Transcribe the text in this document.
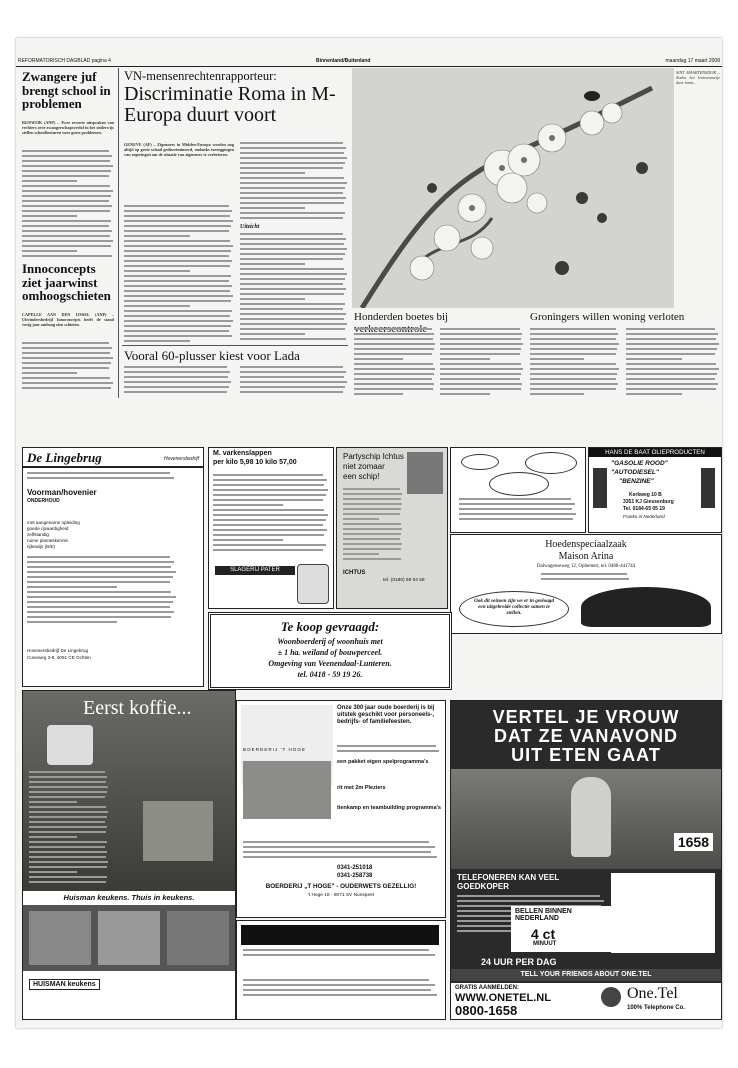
REFORMATORISCH DAGBLAD pagina 4	Binnenland/Buitenland	maandag 17 maart 2008
Zwangere juf brengt school in problemen
RIJSWIJK (ANP) – Twee recente uitspraken van rechters over zwangerschapsverlof in het onderwijs stellen schoolbesturen voor grote problemen.
Innoconcepts ziet jaarwinst omhoogschieten
CAPELLE AAN DEN IJSSEL (ANP) – Uitvindersbedrijf Innoconcepts heeft de stand vorig jaar omhoog zien schieten.
VN-mensenrechtenrapporteur:
Discriminatie Roma in M-Europa duurt voort
GENEVE (AP) – Zigeuners in Midden-Europa worden nog altijd op grote schaal gediscrimineerd, ondanks toezeggingen van regeringen om de situatie van zigeuners te verbeteren.
Uitzicht
Vooral 60-plusser kiest voor Lada
SINT MAARTENSDIJK – Zodra het lentezonnetje door komt...
Honderden boetes bij	Groningers willen woning verloten
De Lingebrug	Hovenersbedrijf
Voorman/hovenier
ONDERHOUD
met aangename opleiding
goede rijvaardigheid
zelfstandig
ruime planteskennis
rijbewijs (B/E)
Hovenersbedrijf De Lingebrug
Cuneweg 3-8, 4051 CE Ochten
M. varkenslappen
per kilo 5,98 10 kilo 57,00
SLAGERIJ PATER
Partyschip Ichtus
niet zomaar
een schip!
ICHTUS
tel. (0180) 59 04 59
HANS DE BAAT OLIEPRODUCTEN
"GASOLIE ROOD"
"AUTODIESEL"
"BENZINE"
Kerkweg 10 B
3351 KJ Giessenburg
Tel. 0184-65 05 19
Franko in Nederland
Hoedenspeciaalzaak
Maison Arina
Dalwagenseweg 12, Ophemert, tel. 0488-441744
Ook dit seizoen zijn we er in gesloagd een uitgebreide collectie samen te stellen.
Te koop gevraagd:
Woonboerderij of woonhuis met
± 1 ha. weiland of bouwperceel.
Omgeving van Veenendaal-Lunteren.
tel. 0418 - 59 19 26.
Eerst koffie...
Huisman keukens. Thuis in keukens.
HUISMAN keukens
BOERDERIJ 'T HOGE
Onze 300 jaar oude boerderij is bij uitstek geschikt voor personeels-, bedrijfs- of familiefeesten.
een pakket eigen spelprogramma's
rit met 2m Pleziers
tienkamp en teambuilding programma's
0341-251018
0341-258738
BOERDERIJ „T HOGE" - OUDERWETS GEZELLIG!
't Hoge 18 - 8071 SV Nunspeet
VERTEL JE VROUW
DAT ZE VANAVOND
UIT ETEN GAAT
1658
TELEFONEREN KAN VEEL GOEDKOPER
BELLEN BINNEN NEDERLAND
4 ct
MINUUT
24 UUR PER DAG
TELL YOUR FRIENDS ABOUT ONE.TEL
GRATIS AANMELDEN:
WWW.ONETEL.NL
0800-1658
One.Tel
100% Telephone Co.
